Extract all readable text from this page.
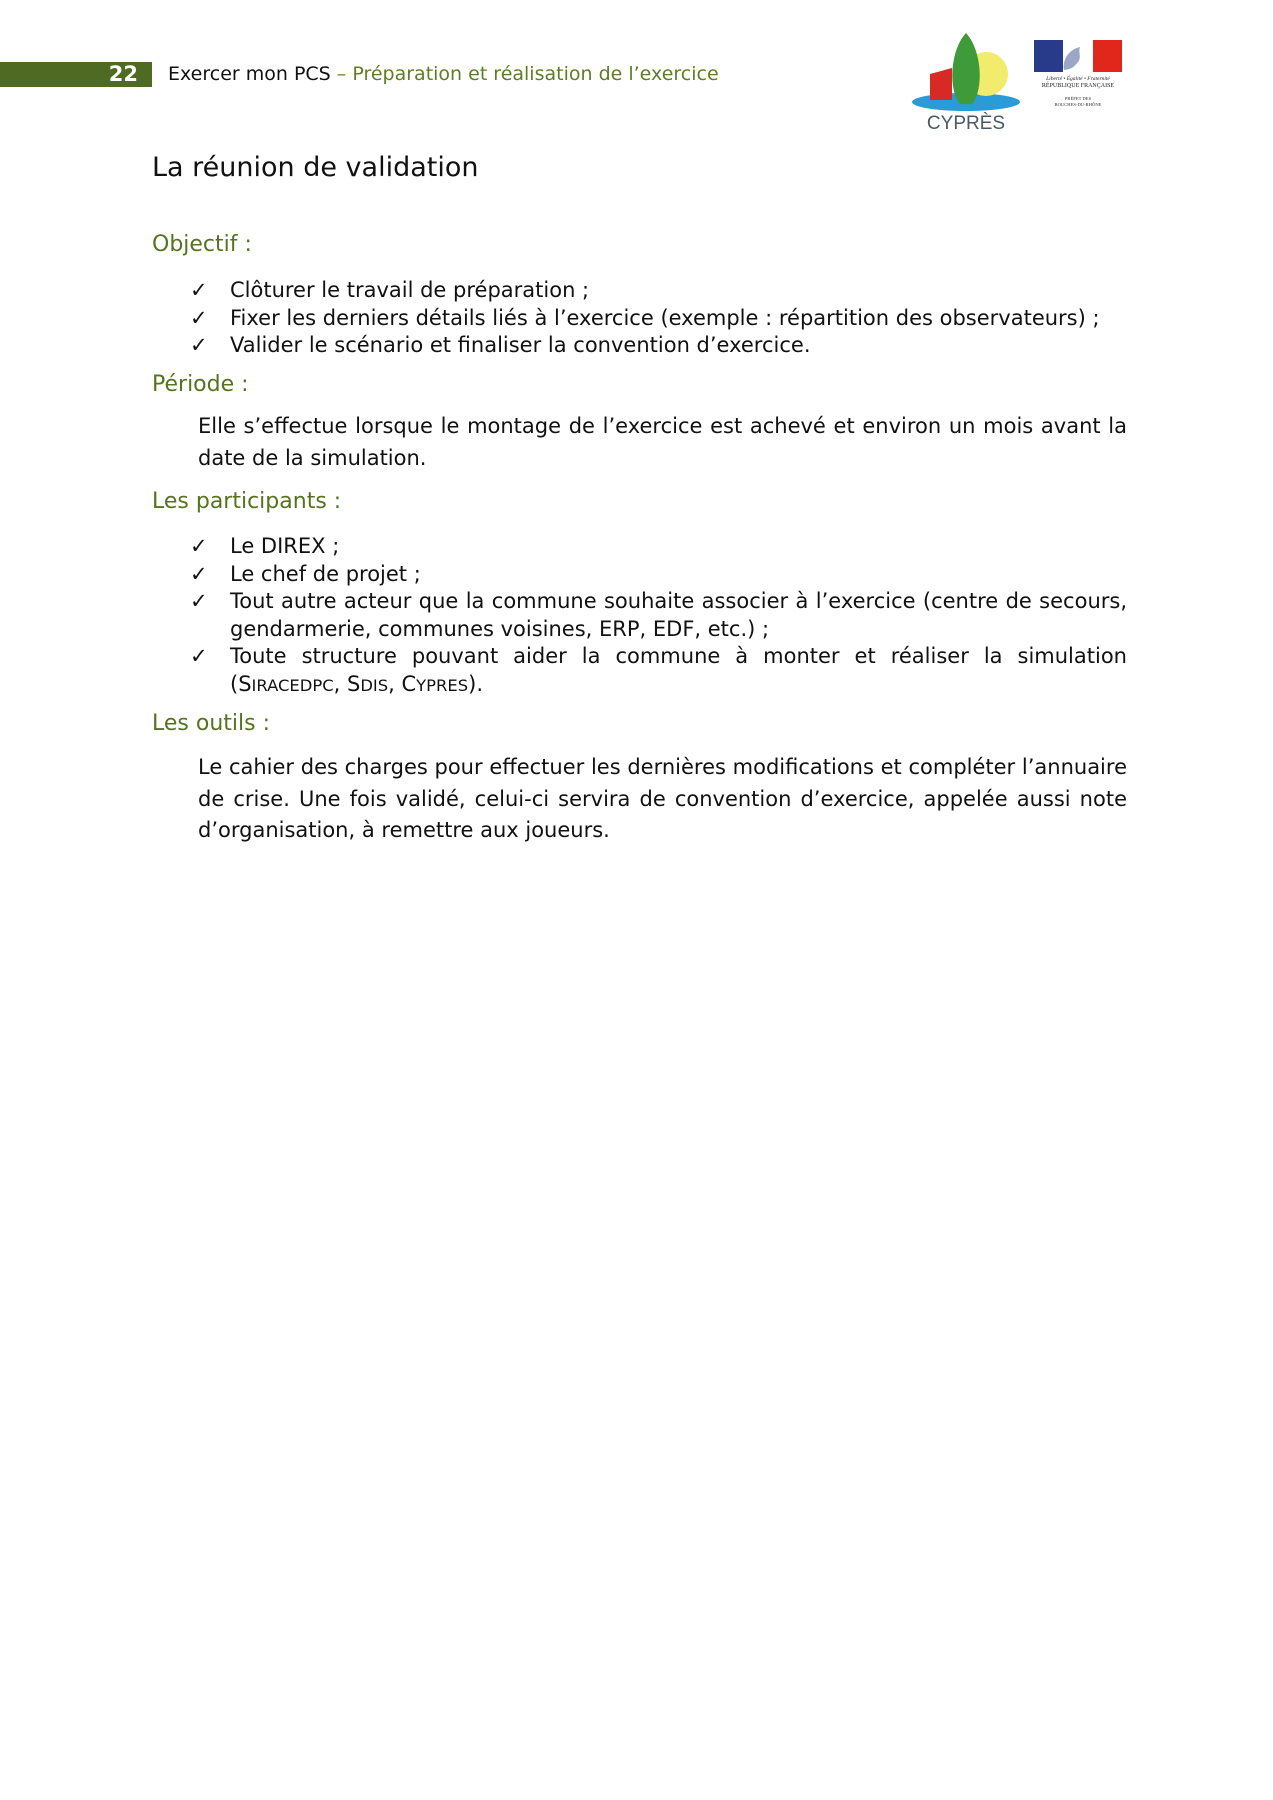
22	Exercer mon PCS – Préparation et réalisation de l’exercice
CYPRÈS
Liberté • Égalité • Fraternité
RÉPUBLIQUE FRANÇAISE
PRÉFET DES
BOUCHES-DU-RHÔNE
La réunion de validation
Objectif :
✓	Clôturer le travail de préparation ;
✓	Fixer les derniers détails liés à l’exercice (exemple : répartition des observateurs) ;
✓	Valider le scénario et finaliser la convention d’exercice.
Période :

Elle s’effectue lorsque le montage de l’exercice est achevé et environ un mois avant la date de la simulation.

Les participants :
✓	Le DIREX ;
✓	Le chef de projet ;
✓	Tout autre acteur que la commune souhaite associer à l’exercice (centre de secours, gendarmerie, communes voisines, ERP, EDF, etc.) ;
✓	Toute structure pouvant aider la commune à monter et réaliser la simulation (SIRACEDPC, SDIS, CYPRES).
Les outils :

Le cahier des charges pour effectuer les dernières modifications et compléter l’annuaire de crise. Une fois validé, celui-ci servira de convention d’exercice, appelée aussi note d’organisation, à remettre aux joueurs.
